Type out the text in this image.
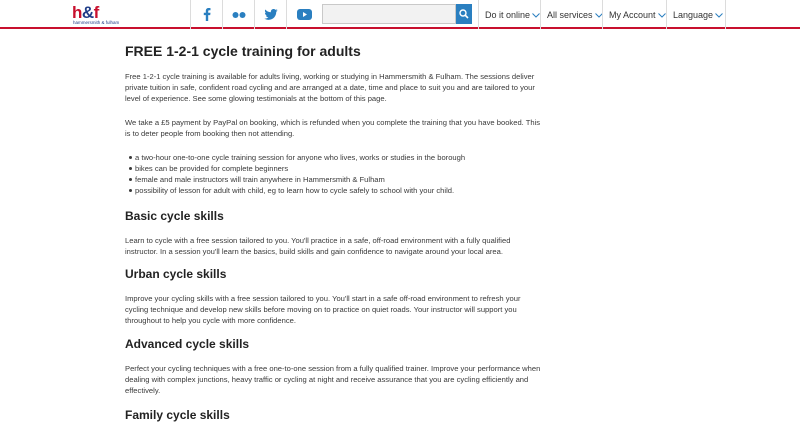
h&f
hammersmith & fulham
Do it online All services My Account Language
FREE 1-2-1 cycle training for adults

Free 1-2-1 cycle training is available for adults living, working or studying in Hammersmith & Fulham. The sessions deliver private tuition in safe, confident road cycling and are arranged at a date, time and place to suit you and are tailored to your level of experience. See some glowing testimonials at the bottom of this page.

We take a £5 payment by PayPal on booking, which is refunded when you complete the training that you have booked. This is to deter people from booking then not attending.

a two-hour one-to-one cycle training session for anyone who lives, works or studies in the borough
bikes can be provided for complete beginners
female and male instructors will train anywhere in Hammersmith & Fulham
possibility of lesson for adult with child, eg to learn how to cycle safely to school with your child.
Basic cycle skills

Learn to cycle with a free session tailored to you. You'll practice in a safe, off-road environment with a fully qualified instructor. In a session you'll learn the basics, build skills and gain confidence to navigate around your local area.

Urban cycle skills

Improve your cycling skills with a free session tailored to you. You'll start in a safe off-road environment to refresh your cycling technique and develop new skills before moving on to practice on quiet roads. Your instructor will support you throughout to help you cycle with more confidence.

Advanced cycle skills

Perfect your cycling techniques with a free one-to-one session from a fully qualified trainer. Improve your performance when dealing with complex junctions, heavy traffic or cycling at night and receive assurance that you are cycling efficiently and effectively.

Family cycle skills
